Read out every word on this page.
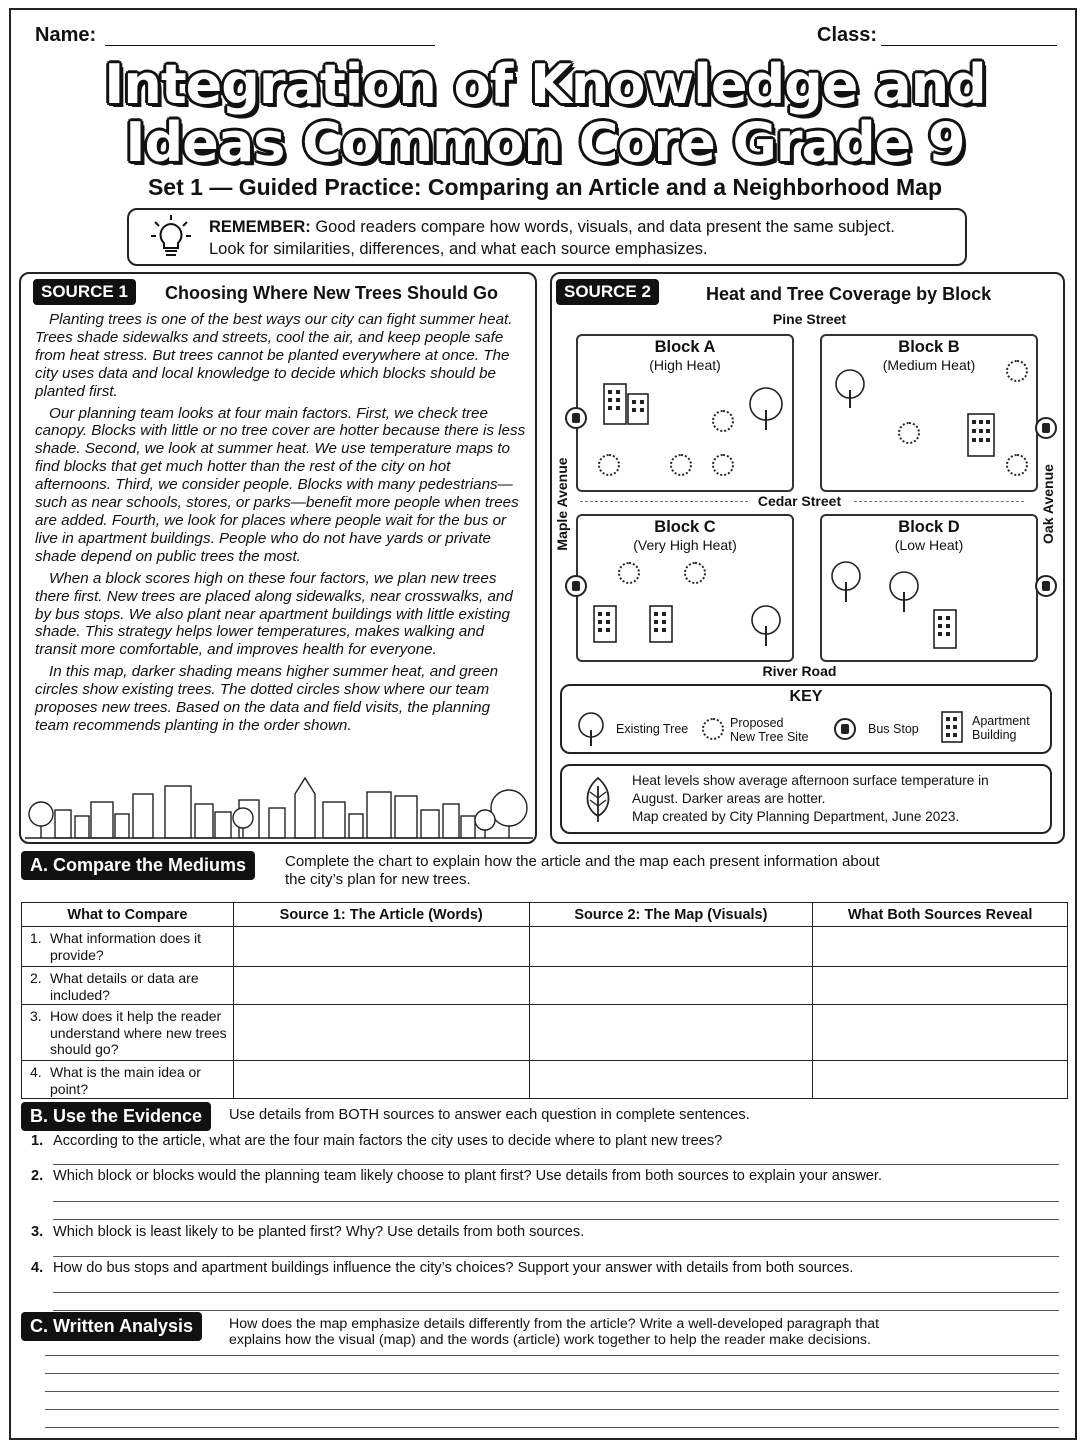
Name:	Class:
Integration of Knowledge and
Ideas Common Core Grade 9
Set 1 — Guided Practice: Comparing an Article and a Neighborhood Map
REMEMBER: Good readers compare how words, visuals, and data present the same subject.
Look for similarities, differences, and what each source emphasizes.
SOURCE 1	Choosing Where New Trees Should Go

Planting trees is one of the best ways our city can fight summer heat. Trees shade sidewalks and streets, cool the air, and keep people safe from heat stress. But trees cannot be planted everywhere at once. The city uses data and local knowledge to decide which blocks should be planted first.

Our planning team looks at four main factors. First, we check tree canopy. Blocks with little or no tree cover are hotter because there is less shade. Second, we look at summer heat. We use temperature maps to find blocks that get much hotter than the rest of the city on hot afternoons. Third, we consider people. Blocks with many pedestrians—such as near schools, stores, or parks—benefit more people when trees are added. Fourth, we look for places where people wait for the bus or live in apartment buildings. People who do not have yards or private shade depend on public trees the most.

When a block scores high on these four factors, we plan new trees there first. New trees are placed along sidewalks, near crosswalks, and by bus stops. We also plant near apartment buildings with little existing shade. This strategy helps lower temperatures, makes walking and transit more comfortable, and improves health for everyone.

In this map, darker shading means higher summer heat, and green circles show existing trees. The dotted circles show where our team proposes new trees. Based on the data and field visits, the planning team recommends planting in the order shown.

SOURCE 2	Heat and Tree Coverage by Block
Pine Street
Cedar Street
River Road
Maple Avenue	Oak Avenue
Block A
(High Heat)
Block B
(Medium Heat)
Block C
(Very High Heat)
Block D
(Low Heat)
KEY
Existing Tree	Proposed
New Tree Site
Bus Stop
Apartment
Building
Heat levels show average afternoon surface temperature in
August. Darker areas are hotter.
Map created by City Planning Department, June 2023.
A. Compare the Mediums	Complete the chart to explain how the article and the map each present information about
the city’s plan for new trees.
What to Compare	Source 1: The Article (Words)	Source 2: The Map (Visuals)	What Both Sources Reveal

1. What information does it provide?			

2. What details or data are included?			

3. How does it help the reader understand where new trees should go?			

4. What is the main idea or point?			

B. Use the Evidence	Use details from BOTH sources to answer each question in complete sentences.
1. According to the article, what are the four main factors the city uses to decide where to plant new trees?
2. Which block or blocks would the planning team likely choose to plant first? Use details from both sources to explain your answer.
3. Which block is least likely to be planted first? Why? Use details from both sources.
4. How do bus stops and apartment buildings influence the city’s choices? Support your answer with details from both sources.
C. Written Analysis	How does the map emphasize details differently from the article? Write a well-developed paragraph that
explains how the visual (map) and the words (article) work together to help the reader make decisions.
